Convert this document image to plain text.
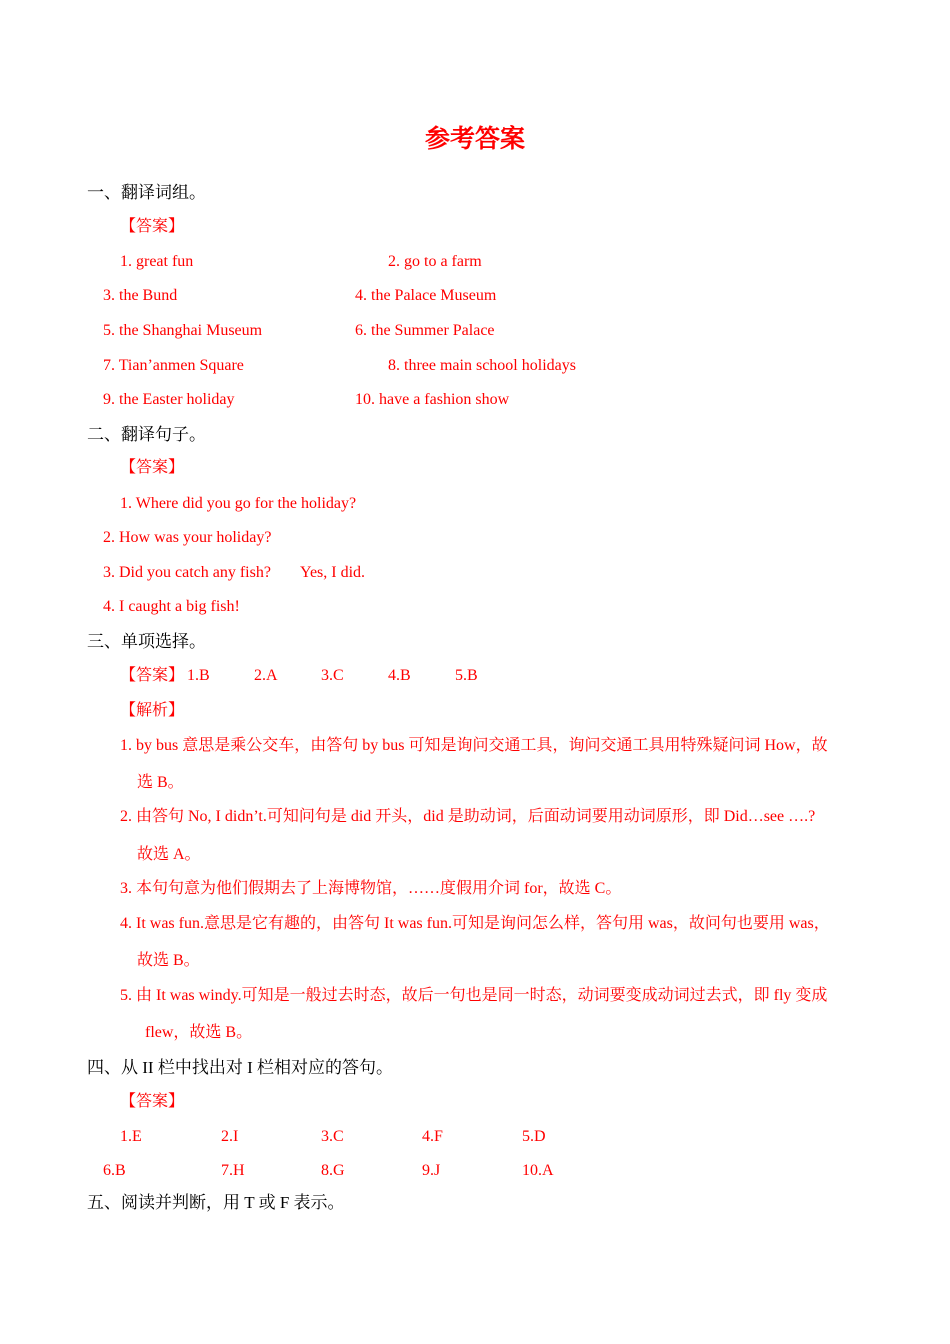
参考答案
一、翻译词组。
【答案】
1. great fun	2. go to a farm
3. the Bund	4. the Palace Museum
5. the Shanghai Museum	6. the Summer Palace
7. Tian’anmen Square	8. three main school holidays
9. the Easter holiday	10. have a fashion show
二、翻译句子。
【答案】
1. Where did you go for the holiday?
2. How was your holiday?
3. Did you catch any fish? Yes, I did.
4. I caught a big fish!
三、单项选择。
【答案】 1.B	2.A	3.C	4.B	5.B
【解析】
1. by bus 意思是乘公交车，由答句 by bus 可知是询问交通工具，询问交通工具用特殊疑问词 How，故
选 B。
2. 由答句 No, I didn’t.可知问句是 did 开头，did 是助动词，后面动词要用动词原形，即 Did…see ….?
故选 A。
3. 本句句意为他们假期去了上海博物馆，……度假用介词 for，故选 C。
4. It was fun.意思是它有趣的，由答句 It was fun.可知是询问怎么样，答句用 was，故问句也要用 was，
故选 B。
5. 由 It was windy.可知是一般过去时态，故后一句也是同一时态，动词要变成动词过去式，即 fly 变成
flew，故选 B。
四、从 II 栏中找出对 I 栏相对应的答句。
【答案】
1.E	2.I	3.C	4.F	5.D
6.B	7.H	8.G	9.J	10.A
五、阅读并判断，用 T 或 F 表示。
